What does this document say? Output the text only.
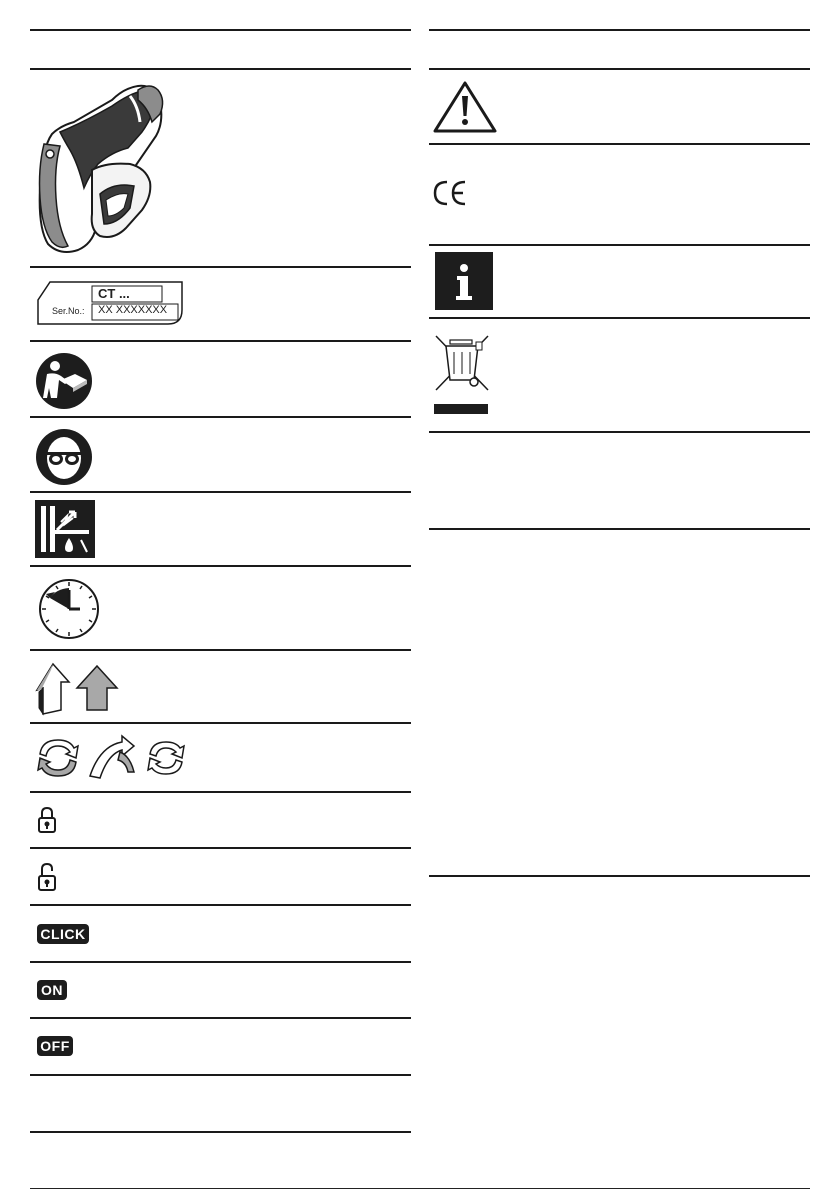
CT ...
Ser.No.: XX XXXXXXX
CLICK
ON
OFF
